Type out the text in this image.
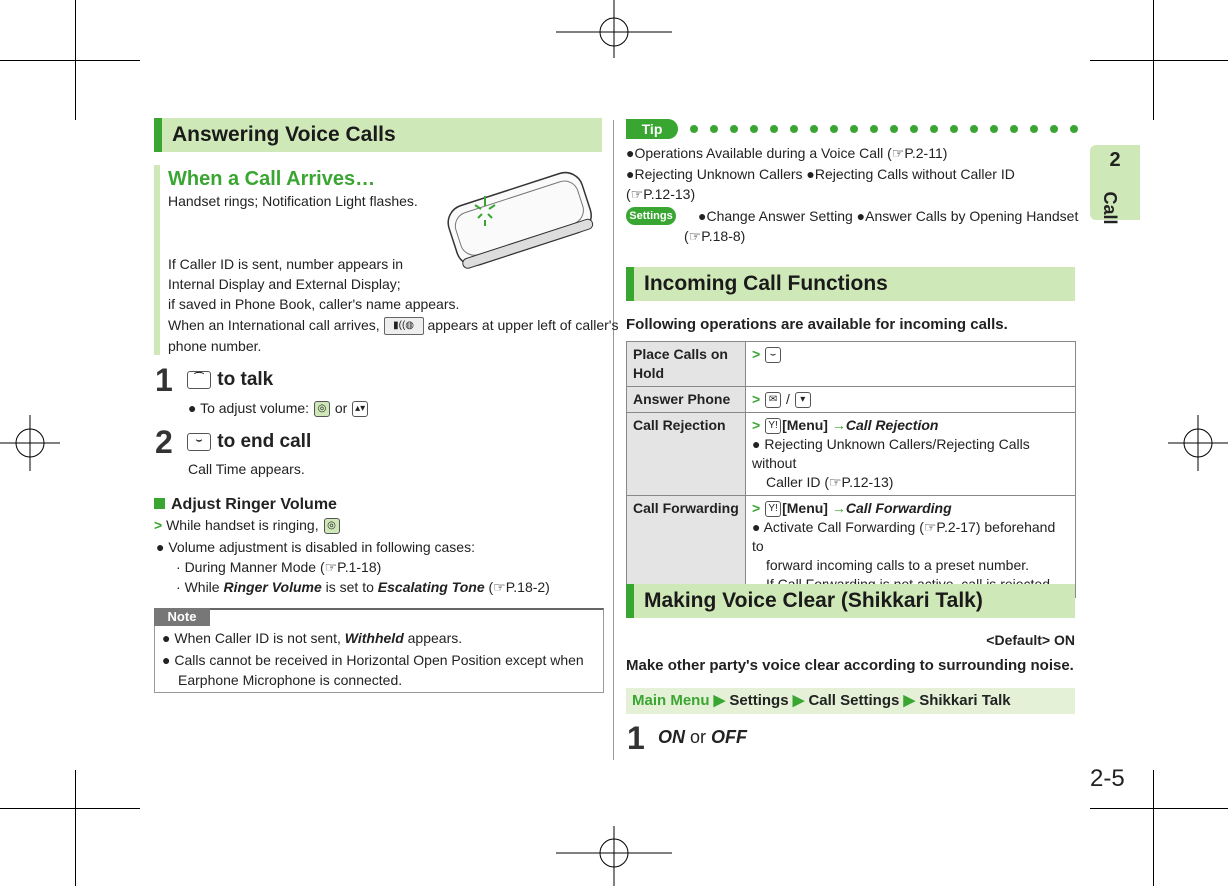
2
Call
2-5
Answering Voice Calls
When a Call Arrives…
Handset rings; Notification Light flashes.
If Caller ID is sent, number appears in
Internal Display and External Display;
if saved in Phone Book, caller's name appears.
When an International call arrives, ▮((◍ appears at upper left of caller's
phone number.
1	⌒ to talk
● To adjust volume: ◎ or ▴▾
2	⌣ to end call
Call Time appears.
Adjust Ringer Volume
> While handset is ringing, ◎
● Volume adjustment is disabled in following cases:
· During Manner Mode (☞P.1-18)
· While Ringer Volume is set to Escalating Tone (☞P.18-2)
Note
● When Caller ID is not sent, Withheld appears.
● Calls cannot be received in Horizontal Open Position except when
Earphone Microphone is connected.
Tip
●Operations Available during a Voice Call (☞P.2-11)
●Rejecting Unknown Callers ●Rejecting Calls without Caller ID
(☞P.12-13)
Settings ●Change Answer Setting ●Answer Calls by Opening Handset
(☞P.18-8)
Incoming Call Functions
Following operations are available for incoming calls.
Place Calls on Hold	> ⌣
Answer Phone	> ✉ / ▾
Call Rejection	> Y! [Menu] →Call Rejection
● Rejecting Unknown Callers/Rejecting Calls without
Caller ID (☞P.12-13)
Call Forwarding	> Y! [Menu] →Call Forwarding
● Activate Call Forwarding (☞P.2-17) beforehand to
forward incoming calls to a preset number.

Making Voice Clear (Shikkari Talk)
<Default> ON
Make other party's voice clear according to surrounding noise.
Main Menu ▶ Settings ▶ Call Settings ▶ Shikkari Talk
1 ON or OFF
